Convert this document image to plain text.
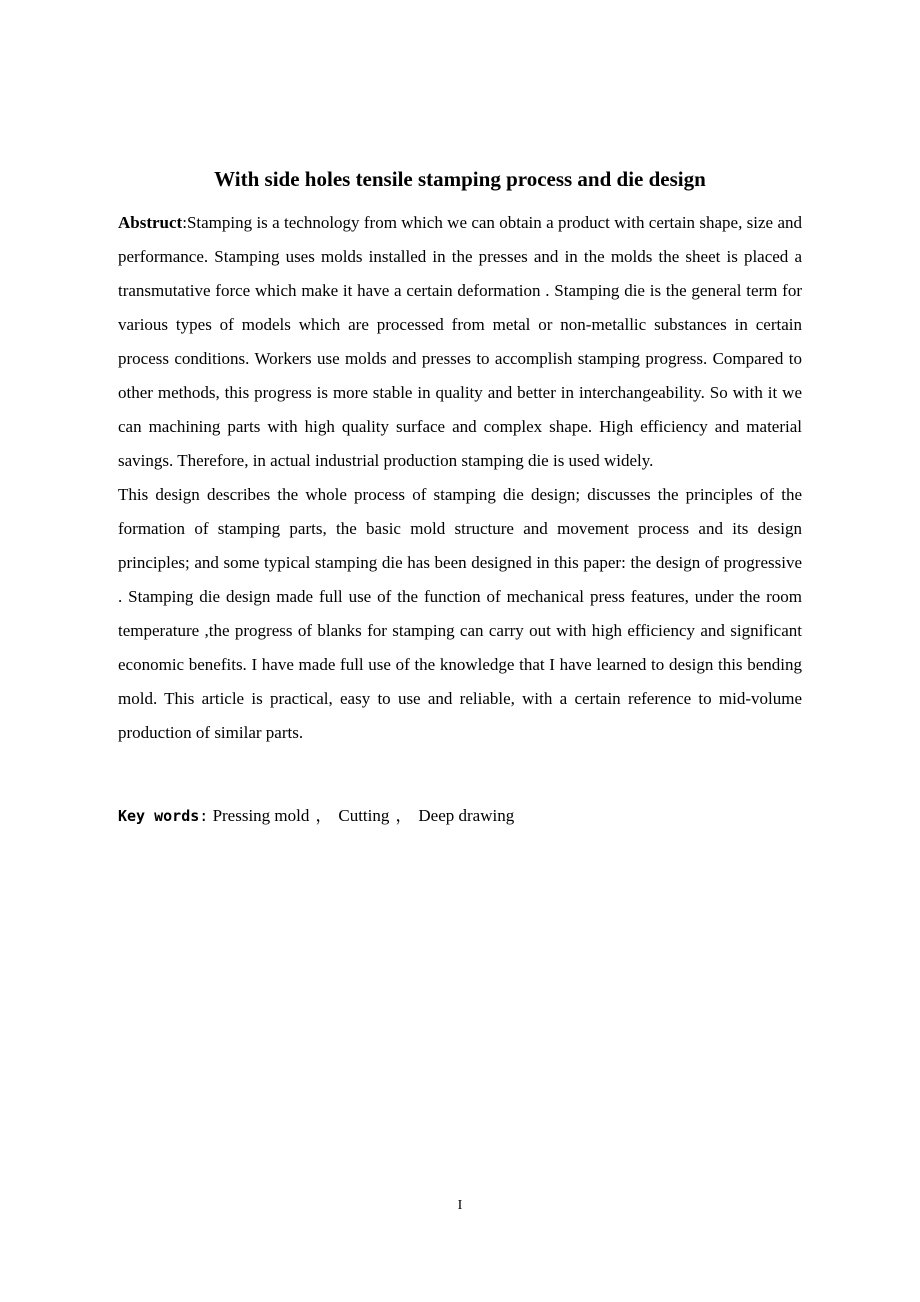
With side holes tensile stamping process and die design

Abstruct:Stamping is a technology from which we can obtain a product with certain shape, size and performance. Stamping uses molds installed in the presses and in the molds the sheet is placed a transmutative force which make it have a certain deformation . Stamping die is the general term for various types of models which are processed from metal or non-metallic substances in certain process conditions. Workers use molds and presses to accomplish stamping progress. Compared to other methods, this progress is more stable in quality and better in interchangeability. So with it we can machining parts with high quality surface and complex shape. High efficiency and material savings. Therefore, in actual industrial production stamping die is used widely.

This design describes the whole process of stamping die design; discusses the principles of the formation of stamping parts, the basic mold structure and movement process and its design principles; and some typical stamping die has been designed in this paper: the design of progressive . Stamping die design made full use of the function of mechanical press features, under the room temperature ,the progress of blanks for stamping can carry out with high efficiency and significant economic benefits. I have made full use of the knowledge that I have learned to design this bending mold. This article is practical, easy to use and reliable, with a certain reference to mid-volume production of similar parts.

Key words: Pressing mold ， Cutting ， Deep drawing
I
